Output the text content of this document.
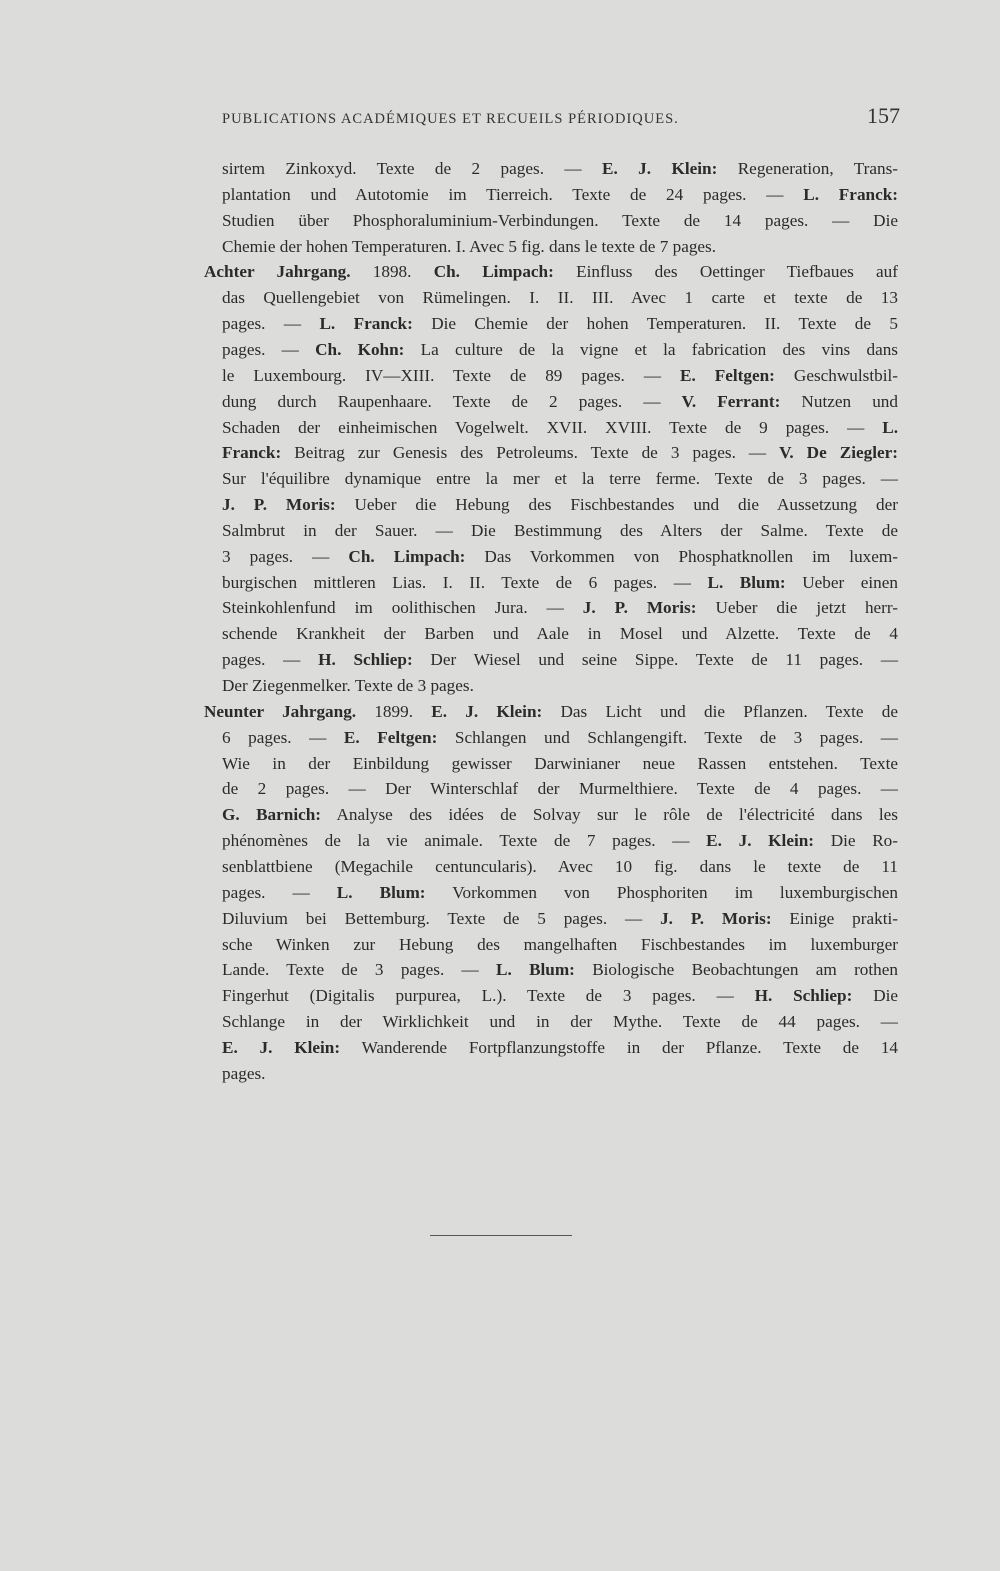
PUBLICATIONS ACADÉMIQUES ET RECUEILS PÉRIODIQUES.	157
sirtem Zinkoxyd. Texte de 2 pages. — E. J. Klein: Regeneration, Trans-
plantation und Autotomie im Tierreich. Texte de 24 pages. — L. Franck:
Studien über Phosphoraluminium-Verbindungen. Texte de 14 pages. — Die
Chemie der hohen Temperaturen. I. Avec 5 fig. dans le texte de 7 pages.
Achter Jahrgang. 1898. Ch. Limpach: Einfluss des Oettinger Tiefbaues auf
das Quellengebiet von Rümelingen. I. II. III. Avec 1 carte et texte de 13
pages. — L. Franck: Die Chemie der hohen Temperaturen. II. Texte de 5
pages. — Ch. Kohn: La culture de la vigne et la fabrication des vins dans
le Luxembourg. IV—XIII. Texte de 89 pages. — E. Feltgen: Geschwulstbil-
dung durch Raupenhaare. Texte de 2 pages. — V. Ferrant: Nutzen und
Schaden der einheimischen Vogelwelt. XVII. XVIII. Texte de 9 pages. — L.
Franck: Beitrag zur Genesis des Petroleums. Texte de 3 pages. — V. De Ziegler:
Sur l'équilibre dynamique entre la mer et la terre ferme. Texte de 3 pages. —
J. P. Moris: Ueber die Hebung des Fischbestandes und die Aussetzung der
Salmbrut in der Sauer. — Die Bestimmung des Alters der Salme. Texte de
3 pages. — Ch. Limpach: Das Vorkommen von Phosphatknollen im luxem-
burgischen mittleren Lias. I. II. Texte de 6 pages. — L. Blum: Ueber einen
Steinkohlenfund im oolithischen Jura. — J. P. Moris: Ueber die jetzt herr-
schende Krankheit der Barben und Aale in Mosel und Alzette. Texte de 4
pages. — H. Schliep: Der Wiesel und seine Sippe. Texte de 11 pages. —
Der Ziegenmelker. Texte de 3 pages.
Neunter Jahrgang. 1899. E. J. Klein: Das Licht und die Pflanzen. Texte de
6 pages. — E. Feltgen: Schlangen und Schlangengift. Texte de 3 pages. —
Wie in der Einbildung gewisser Darwinianer neue Rassen entstehen. Texte
de 2 pages. — Der Winterschlaf der Murmelthiere. Texte de 4 pages. —
G. Barnich: Analyse des idées de Solvay sur le rôle de l'électricité dans les
phénomènes de la vie animale. Texte de 7 pages. — E. J. Klein: Die Ro-
senblattbiene (Megachile centuncularis). Avec 10 fig. dans le texte de 11
pages. — L. Blum: Vorkommen von Phosphoriten im luxemburgischen
Diluvium bei Bettemburg. Texte de 5 pages. — J. P. Moris: Einige prakti-
sche Winken zur Hebung des mangelhaften Fischbestandes im luxemburger
Lande. Texte de 3 pages. — L. Blum: Biologische Beobachtungen am rothen
Fingerhut (Digitalis purpurea, L.). Texte de 3 pages. — H. Schliep: Die
Schlange in der Wirklichkeit und in der Mythe. Texte de 44 pages. —
E. J. Klein: Wanderende Fortpflanzungstoffe in der Pflanze. Texte de 14
pages.
